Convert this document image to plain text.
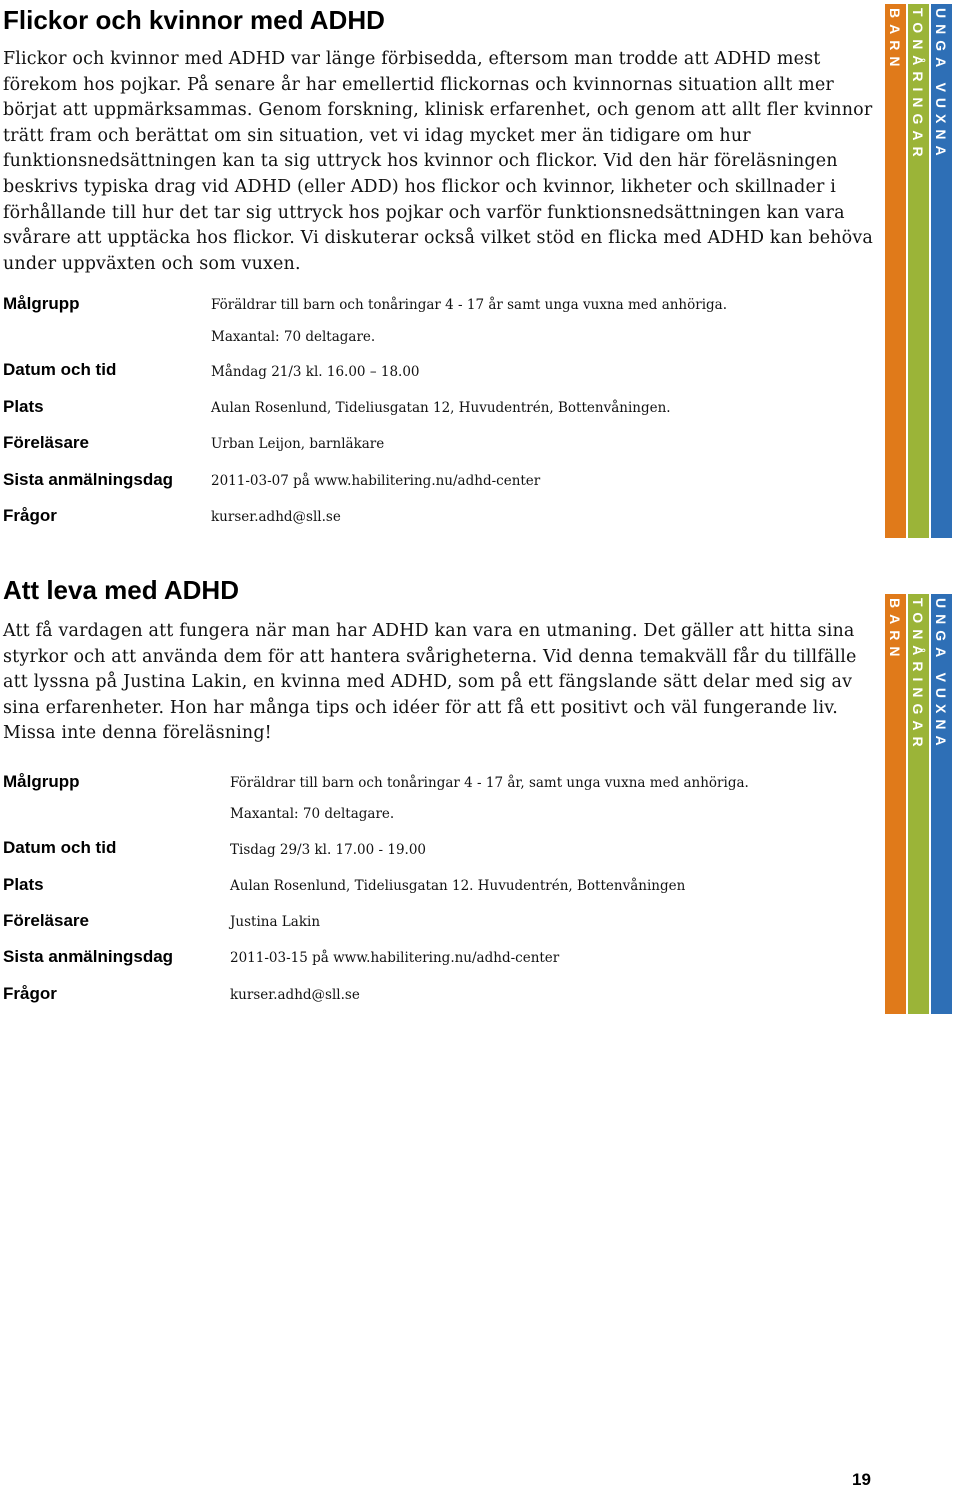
Flickor och kvinnor med ADHD

Flickor och kvinnor med ADHD var länge förbisedda, eftersom man trodde att ADHD mest förekom hos pojkar. På senare år har emellertid flickornas och kvinnornas situation allt mer börjat att uppmärksammas. Genom forskning, klinisk erfarenhet, och genom att allt fler kvinnor trätt fram och berättat om sin situation, vet vi idag mycket mer än tidigare om hur funktionsnedsättningen kan ta sig uttryck hos kvinnor och flickor. Vid den här föreläsningen beskrivs typiska drag vid ADHD (eller ADD) hos flickor och kvinnor, likheter och skillnader i förhållande till hur det tar sig uttryck hos pojkar och varför funktionsnedsättningen kan vara svårare att upptäcka hos flickor. Vi diskuterar också vilket stöd en flicka med ADHD kan behöva under uppväxten och som vuxen.

Målgrupp	Föräldrar till barn och tonåringar 4 - 17 år samt unga vuxna med anhöriga.
Maxantal: 70 deltagare.
Datum och tid	Måndag 21/3 kl. 16.00 – 18.00
Plats	Aulan Rosenlund, Tideliusgatan 12, Huvudentrén, Bottenvåningen.
Föreläsare	Urban Leijon, barnläkare
Sista anmälningsdag	2011-03-07 på www.habilitering.nu/adhd-center
Frågor	kurser.adhd@sll.se
BARN TONÅRINGAR UNGA VUXNA
Att leva med ADHD

Att få vardagen att fungera när man har ADHD kan vara en utmaning. Det gäller att hitta sina styrkor och att använda dem för att hantera svårigheterna. Vid denna temakväll får du tillfälle att lyssna på Justina Lakin, en kvinna med ADHD, som på ett fängslande sätt delar med sig av sina erfarenheter. Hon har många tips och idéer för att få ett positivt och väl fungerande liv. Missa inte denna föreläsning!

Målgrupp	Föräldrar till barn och tonåringar 4 - 17 år, samt unga vuxna med anhöriga.
Maxantal: 70 deltagare.
Datum och tid	Tisdag 29/3 kl. 17.00 - 19.00
Plats	Aulan Rosenlund, Tideliusgatan 12. Huvudentrén, Bottenvåningen
Föreläsare	Justina Lakin
Sista anmälningsdag	2011-03-15 på www.habilitering.nu/adhd-center
Frågor	kurser.adhd@sll.se
BARN TONÅRINGAR UNGA VUXNA
19
